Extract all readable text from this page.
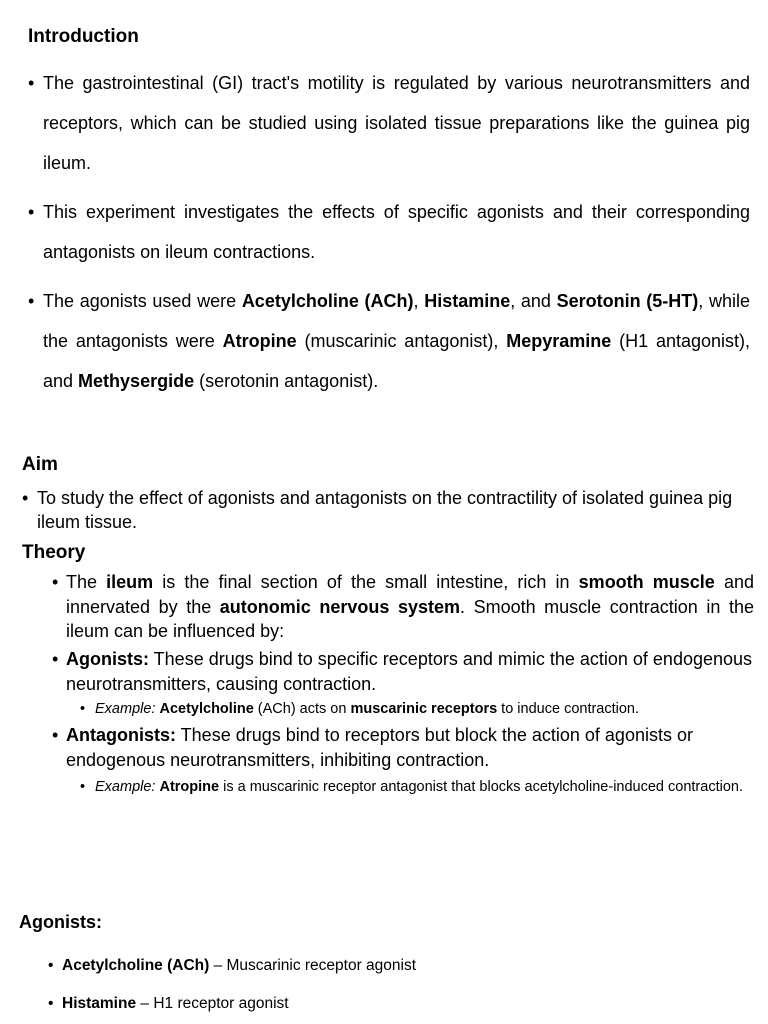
Introduction
• The gastrointestinal (GI) tract's motility is regulated by various neurotransmitters and receptors, which can be studied using isolated tissue preparations like the guinea pig ileum.
• This experiment investigates the effects of specific agonists and their corresponding antagonists on ileum contractions.
• The agonists used were Acetylcholine (ACh), Histamine, and Serotonin (5-HT), while the antagonists were Atropine (muscarinic antagonist), Mepyramine (H1 antagonist), and Methysergide (serotonin antagonist).
Aim
• To study the effect of agonists and antagonists on the contractility of isolated guinea pig ileum tissue.
Theory
• The ileum is the final section of the small intestine, rich in smooth muscle and innervated by the autonomic nervous system. Smooth muscle contraction in the ileum can be influenced by:
• Agonists: These drugs bind to specific receptors and mimic the action of endogenous neurotransmitters, causing contraction.
• Example: Acetylcholine (ACh) acts on muscarinic receptors to induce contraction.
• Antagonists: These drugs bind to receptors but block the action of agonists or endogenous neurotransmitters, inhibiting contraction.
• Example: Atropine is a muscarinic receptor antagonist that blocks acetylcholine-induced contraction.
Agonists:
• Acetylcholine (ACh) – Muscarinic receptor agonist
• Histamine – H1 receptor agonist
